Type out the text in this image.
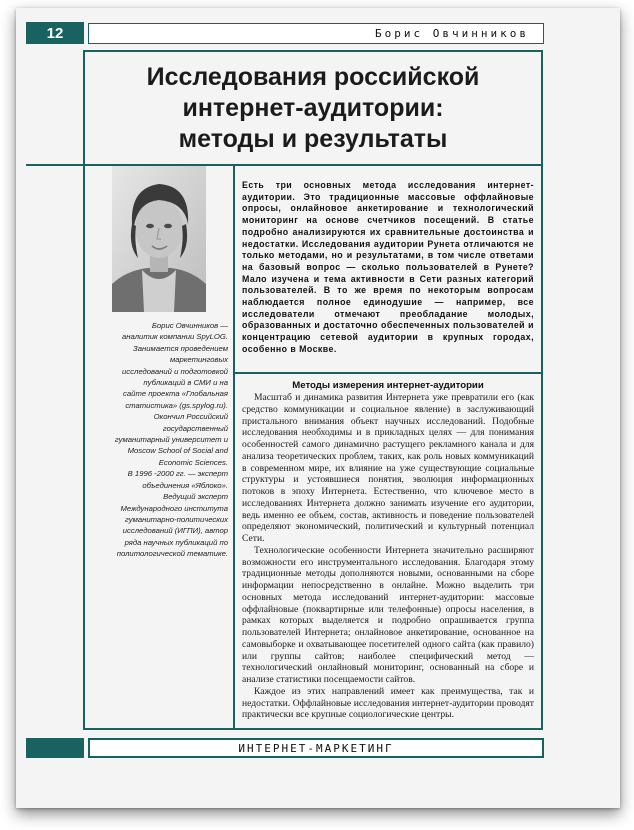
12	Борис Овчинников
Исследования российской
интернет-аудитории:
методы и результаты

Борис Овчинников —

аналитик компании SpyLOG.

Занимается проведением

маркетинговых

исследований и подготовкой

публикаций в СМИ и на

сайте проекта «Глобальная

статистика» (gs.spylog.ru).

Окончил Российский

государственный

гуманитарный университет и

Moscow School of Social and

Economic Sciences.

В 1996 -2000 гг. — эксперт

объединения «Яблоко».

Ведущий эксперт

Международного института

гуманитарно-политических

исследований (ИГПИ), автор

ряда научных публикаций по

политологической тематике.

Есть три основных метода исследования интернет-аудитории. Это традиционные массовые оффлайновые опросы, онлайновое анкетирование и технологический мониторинг на основе счетчиков посещений. В статье подробно анализируются их сравнительные достоинства и недостатки. Исследования аудитории Рунета отличаются не только методами, но и результатами, в том числе ответами на базовый вопрос — сколько пользователей в Рунете? Мало изучена и тема активности в Сети разных категорий пользователей. В то же время по некоторым вопросам наблюдается полное единодушие — например, все исследователи отмечают преобладание молодых, образованных и достаточно обеспеченных пользователей и концентрацию сетевой аудитории в крупных городах, особенно в Москве.

Методы измерения интернет-аудитории

Масштаб и динамика развития Интернета уже превратили его (как средство коммуникации и социальное явление) в заслуживающий пристального внимания объект научных исследований. Подобные исследования необходимы и в прикладных целях — для понимания особенностей самого динамично растущего рекламного канала и для анализа теоретических проблем, таких, как роль новых коммуникаций в современном мире, их влияние на уже существующие социальные структуры и устоявшиеся понятия, эволюция информационных потоков в эпоху Интернета. Естественно, что ключевое место в исследованиях Интернета должно занимать изучение его аудитории, ведь именно ее объем, состав, активность и поведение пользователей определяют экономический, политический и культурный потенциал Сети.

Технологические особенности Интернета значительно расширяют возможности его инструментального исследования. Благодаря этому традиционные методы дополняются новыми, основанными на сборе информации непосредственно в онлайне. Можно выделить три основных метода исследований интернет-аудитории: массовые оффлайновые (поквартирные или телефонные) опросы населения, в рамках которых выделяется и подробно опрашивается группа пользователей Интернета; онлайновое анкетирование, основанное на самовыборке и охватывающее посетителей одного сайта (как правило) или группы сайтов; наиболее специфический метод — технологический онлайновый мониторинг, основанный на сборе и анализе статистики посещаемости сайтов.

Каждое из этих направлений имеет как преимущества, так и недостатки. Оффлайновые исследования интернет-аудитории проводят практически все крупные социологические центры.

ИНТЕРНЕТ-МАРКЕТИНГ
